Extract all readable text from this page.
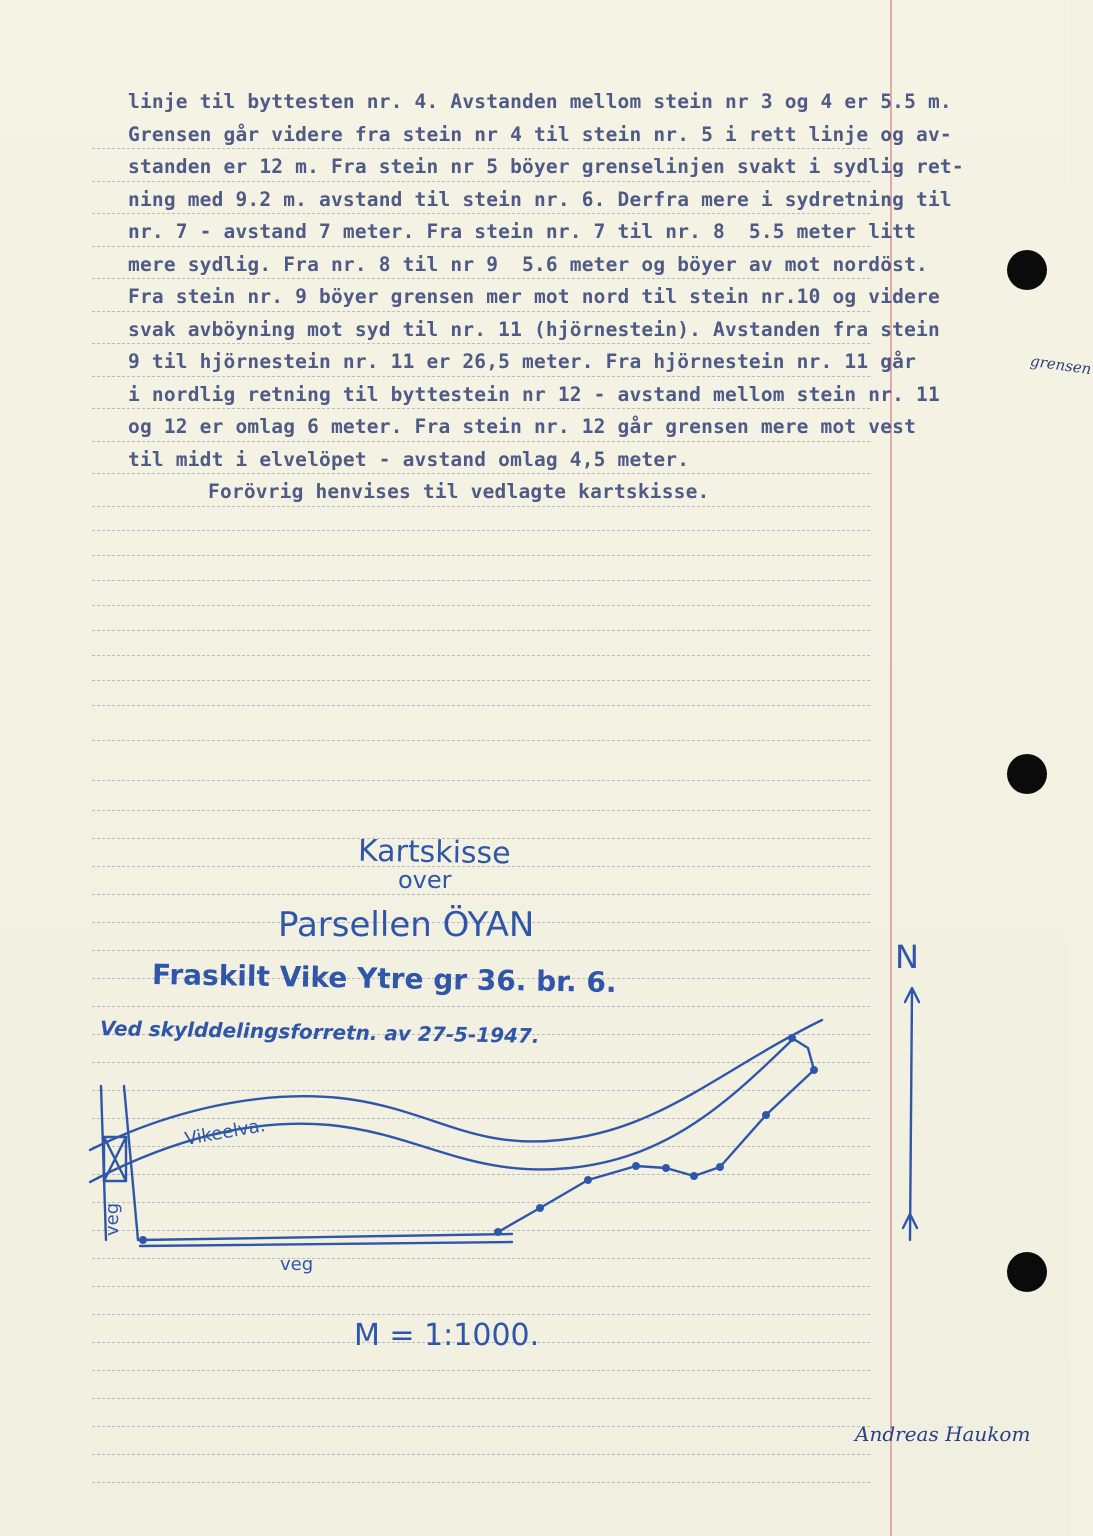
linje til byttesten nr. 4. Avstanden mellom stein nr 3 og 4 er 5.5 m.
Grensen går videre fra stein nr 4 til stein nr. 5 i rett linje og av-
standen er 12 m. Fra stein nr 5 böyer grenselinjen svakt i sydlig ret-
ning med 9.2 m. avstand til stein nr. 6. Derfra mere i sydretning til
nr. 7 - avstand 7 meter. Fra stein nr. 7 til nr. 8  5.5 meter litt
mere sydlig. Fra nr. 8 til nr 9  5.6 meter og böyer av mot nordöst.
Fra stein nr. 9 böyer grensen mer mot nord til stein nr.10 og videre
svak avböyning mot syd til nr. 11 (hjörnestein). Avstanden fra stein
9 til hjörnestein nr. 11 er 26,5 meter. Fra hjörnestein nr. 11 går
i nordlig retning til byttestein nr 12 - avstand mellom stein nr. 11
og 12 er omlag 6 meter. Fra stein nr. 12 går grensen mere mot vest
til midt i elvelöpet - avstand omlag 4,5 meter.
Forövrig henvises til vedlagte kartskisse.
grensen
Kartskisse
over
Parsellen ÖYAN
Fraskilt Vike Ytre gr 36. br. 6.
Ved skylddelingsforretn. av 27-5-1947.
Vikeelva.
veg
veg
N
M = 1:1000.
Andreas Haukom
